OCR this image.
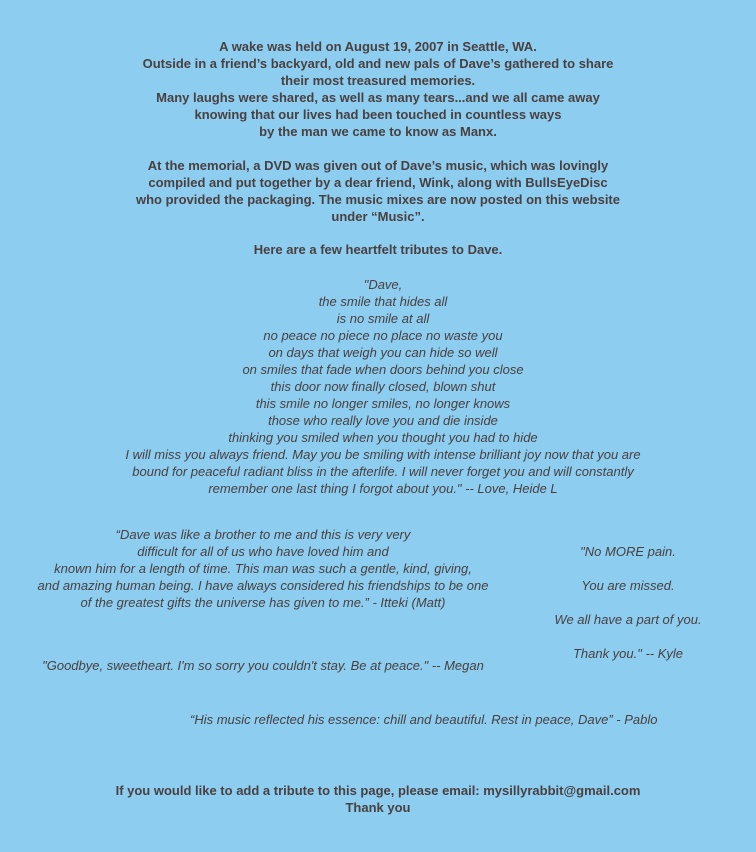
A wake was held on August 19, 2007 in Seattle, WA.
Outside in a friend’s backyard, old and new pals of Dave’s gathered to share
their most treasured memories.
Many laughs were shared, as well as many tears...and we all came away
knowing that our lives had been touched in countless ways
by the man we came to know as Manx.
At the memorial, a DVD was given out of Dave’s music, which was lovingly
compiled and put together by a dear friend, Wink, along with BullsEyeDisc
who provided the packaging. The music mixes are now posted on this website
under “Music”.
Here are a few heartfelt tributes to Dave.
"Dave,
the smile that hides all
is no smile at all
no peace no piece no place no waste you
on days that weigh you can hide so well
on smiles that fade when doors behind you close
this door now finally closed, blown shut
this smile no longer smiles, no longer knows
those who really love you and die inside
thinking you smiled when you thought you had to hide
I will miss you always friend. May you be smiling with intense brilliant joy now that you are
bound for peaceful radiant bliss in the afterlife. I will never forget you and will constantly
remember one last thing I forgot about you." -- Love, Heide L
“Dave was like a brother to me and this is very very
difficult for all of us who have loved him and
known him for a length of time. This man was such a gentle, kind, giving,
and amazing human being. I have always considered his friendships to be one
of the greatest gifts the universe has given to me.” - Itteki (Matt)
"No MORE pain.
You are missed.
We all have a part of you.
Thank you." -- Kyle
"Goodbye, sweetheart. I'm so sorry you couldn't stay. Be at peace." -- Megan
“His music reflected his essence: chill and beautiful. Rest in peace, Dave” - Pablo
If you would like to add a tribute to this page, please email: mysillyrabbit@gmail.com
Thank you
